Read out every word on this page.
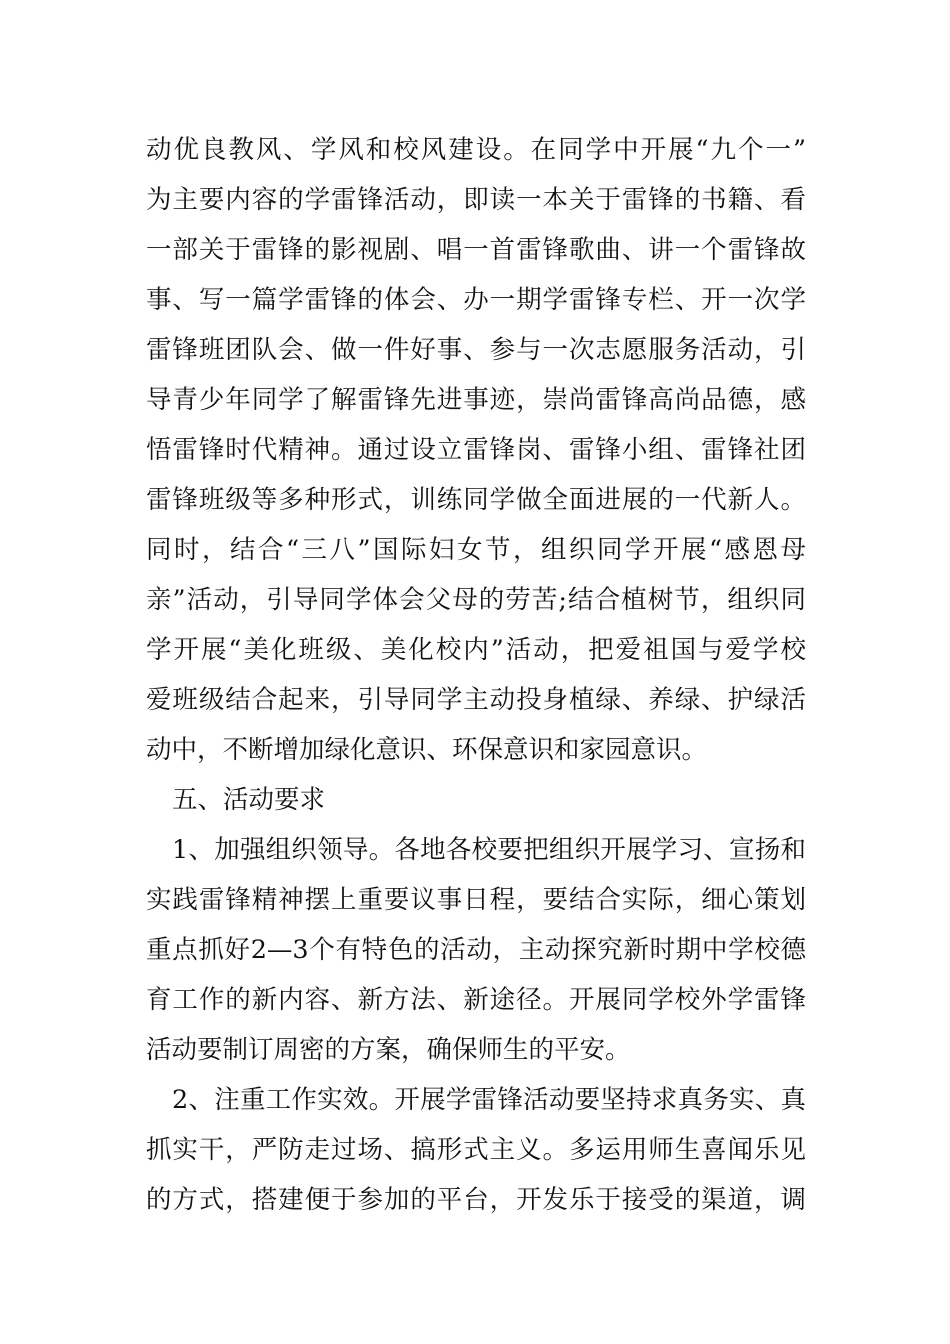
动优良教风、学风和校风建设。在同学中开展“九个一”
为主要内容的学雷锋活动，即读一本关于雷锋的书籍、看
一部关于雷锋的影视剧、唱一首雷锋歌曲、讲一个雷锋故
事、写一篇学雷锋的体会、办一期学雷锋专栏、开一次学
雷锋班团队会、做一件好事、参与一次志愿服务活动，引
导青少年同学了解雷锋先进事迹，崇尚雷锋高尚品德，感
悟雷锋时代精神。通过设立雷锋岗、雷锋小组、雷锋社团
雷锋班级等多种形式，训练同学做全面进展的一代新人。
同时，结合“三八”国际妇女节，组织同学开展“感恩母
亲”活动，引导同学体会父母的劳苦;结合植树节，组织同
学开展“美化班级、美化校内”活动，把爱祖国与爱学校
爱班级结合起来，引导同学主动投身植绿、养绿、护绿活
动中，不断增加绿化意识、环保意识和家园意识。
五、活动要求
1、加强组织领导。各地各校要把组织开展学习、宣扬和
实践雷锋精神摆上重要议事日程，要结合实际，细心策划
重点抓好2—3个有特色的活动，主动探究新时期中学校德
育工作的新内容、新方法、新途径。开展同学校外学雷锋
活动要制订周密的方案，确保师生的平安。
2、注重工作实效。开展学雷锋活动要坚持求真务实、真
抓实干，严防走过场、搞形式主义。多运用师生喜闻乐见
的方式，搭建便于参加的平台，开发乐于接受的渠道，调
